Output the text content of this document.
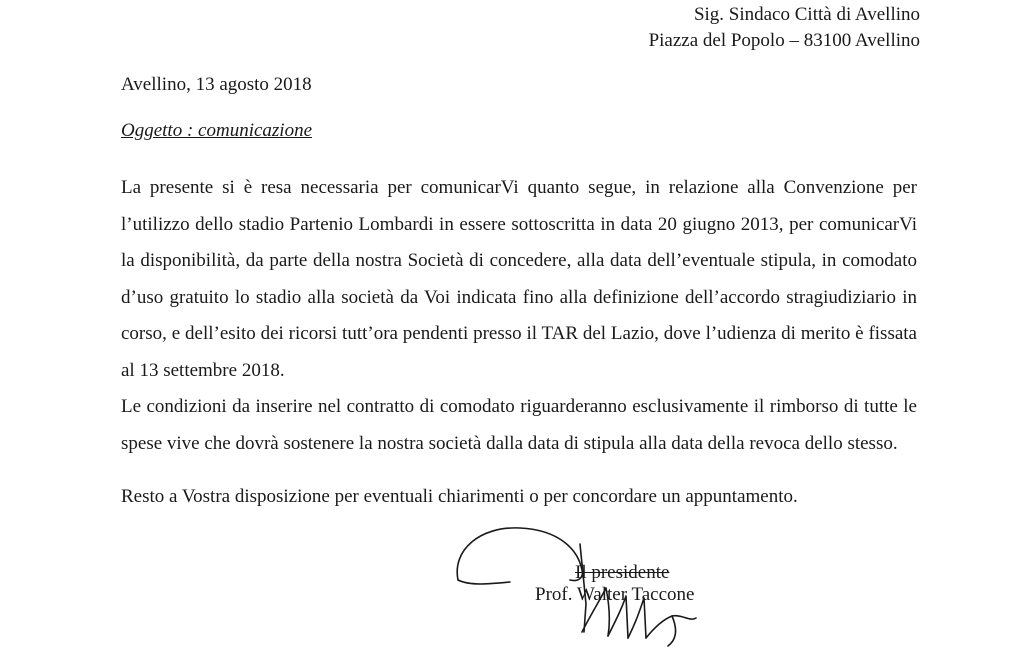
Sig. Sindaco Città di Avellino
Piazza del Popolo – 83100 Avellino
Avellino, 13 agosto 2018
Oggetto : comunicazione

La presente si è resa necessaria per comunicarVi quanto segue, in relazione alla Convenzione per l’utilizzo dello stadio Partenio Lombardi in essere sottoscritta in data 20 giugno 2013, per comunicarVi la disponibilità, da parte della nostra Società di concedere, alla data dell’eventuale stipula, in comodato d’uso gratuito lo stadio alla società da Voi indicata fino alla definizione dell’accordo stragiudiziario in corso, e dell’esito dei ricorsi tutt’ora pendenti presso il TAR del Lazio, dove l’udienza di merito è fissata al 13 settembre 2018.

Le condizioni da inserire nel contratto di comodato riguarderanno esclusivamente il rimborso di tutte le spese vive che dovrà sostenere la nostra società dalla data di stipula alla data della revoca dello stesso.

Resto a Vostra disposizione per eventuali chiarimenti o per concordare un appuntamento.
Il presidente
Prof. Walter Taccone
